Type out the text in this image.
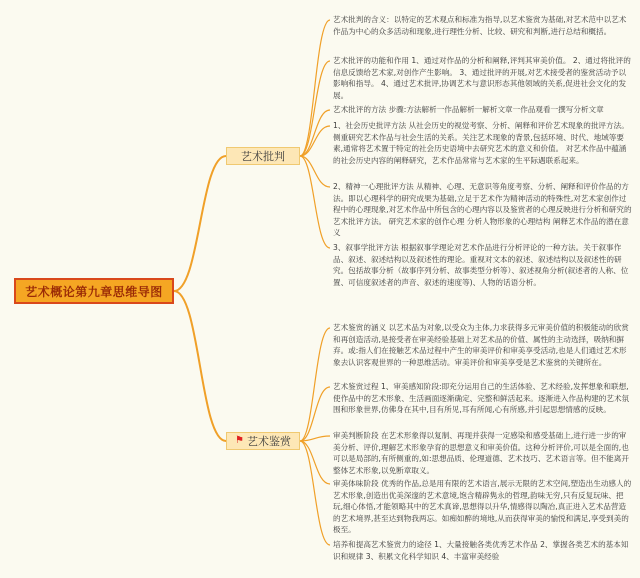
艺术概论第九章思维导图
艺术批判
⚑ 艺术鉴赏

艺术批判的含义：以特定的艺术观点和标准为指导,以艺术鉴赏为基础,对艺术范中以艺术作品为中心的众多活动和现象,进行理性分析、比较、研究和判断,进行总结和概括。

艺术批评的功能和作用 1、通过对作品的分析和阐释,评判其审美价值。 2、通过将批评的信息反馈给艺术家,对创作产生影响。 3、通过批评的开展,对艺术接受者的鉴赏活动予以影响和指导。 4、通过艺术批评,协调艺术与意识形态其他领域的关系,促进社会文化的发展。

艺术批评的方法 步骤:方法解析一作品解析一解析文章一作品观看一撰写分析文章

1、社会历史批评方法 从社会历史的视觉考察、分析、阐释和评价艺术现象的批评方法。侧重研究艺术作品与社会生活的关系。关注艺术现象的背景,包括环境、时代、地域等要素,通常将艺术置于特定的社会历史语境中去研究艺术的意义和价值。 对艺术作品中蕴涵的社会历史内容的阐释研究，艺术作品常常与艺术家的生平际遇联系起来。

2、精神一心理批评方法 从精神、心理、无意识等角度考察、分析、阐释和评价作品的方法。即以心理科学的研究成果为基础,立足于艺术作为精神活动的特殊性,对艺术家创作过程中的心理现象,对艺术作品中所包含的心理内容以及鉴赏者的心理反映进行分析和研究的艺术批评方法。 研究艺术家的创作心理 分析人物形象的心理结构 阐释艺术作品的潜在意义

3、叙事学批评方法 根据叙事学理论对艺术作品进行分析评论的一种方法。关于叙事作品、叙述、叙述结构以及叙述性的理论。重视对文本的叙述、叙述结构以及叙述性的研究。包括故事分析（故事序列分析、故事类型分析等）、叙述视角分析(叙述者的人称、位置、可信度叙述者的声音、叙述的速度等)、人物的话语分析。

艺术鉴赏的涵义 以艺术品为对象,以受众为主体,力求获得多元审美价值的积极能动的欣赏和再创造活动,是接受者在审美经验基础上对艺术品的价值、属性的主动选择，吸纳和摒弃。或:指人们在接触艺术品过程中产生的审美评价和审美享受活动,也是人们通过艺术形象去认识客观世界的一种思维活动。审美评价和审美享受是艺术鉴赏的关键所在。

艺术鉴赏过程 1、审美感知阶段:即充分运用自己的生活体验、艺术经验,发挥想象和联想,使作品中的艺术形象、生活画面逐渐确定、完整和鲜活起来。逐渐进入作品构建的艺术氛围和形象世界,仿佛身在其中,目有所见,耳有所闻,心有所感,并引起思想情感的反映。

审美判断阶段 在艺术形象得以复制、再现并获得一定感染和感受基础上,进行进一步的审美分析、评价,理解艺术形象孕育的思想意义和审美价值。这种分析评价,可以是全面的,也可以是局部的,有所侧重的,如:思想品质、伦理道德、艺术技巧、艺术语言等。但不能离开整体艺术形象,以免断章取义。

审美体味阶段 优秀的作品,总是用有限的艺术语言,展示无限的艺术空间,塑造出生动感人的艺术形象,创造出优美深邃的艺术意境,饱含精辟隽永的哲理,韵味无穷,只有反复玩味、把玩,细心体悟,才能领略其中的艺术真谛,思想得以升华,情感得以陶冶,真正进入艺术品营造的艺术境界,甚至达到物我两忘。如痴如醉的境地,从而获得审美的愉悦和满足,享受到美的极至。

培养和提高艺术鉴赏力的途径 1、大量接触各类优秀艺术作品 2、掌握各类艺术的基本知识和规律 3、积累文化科学知识 4、丰富审美经验
